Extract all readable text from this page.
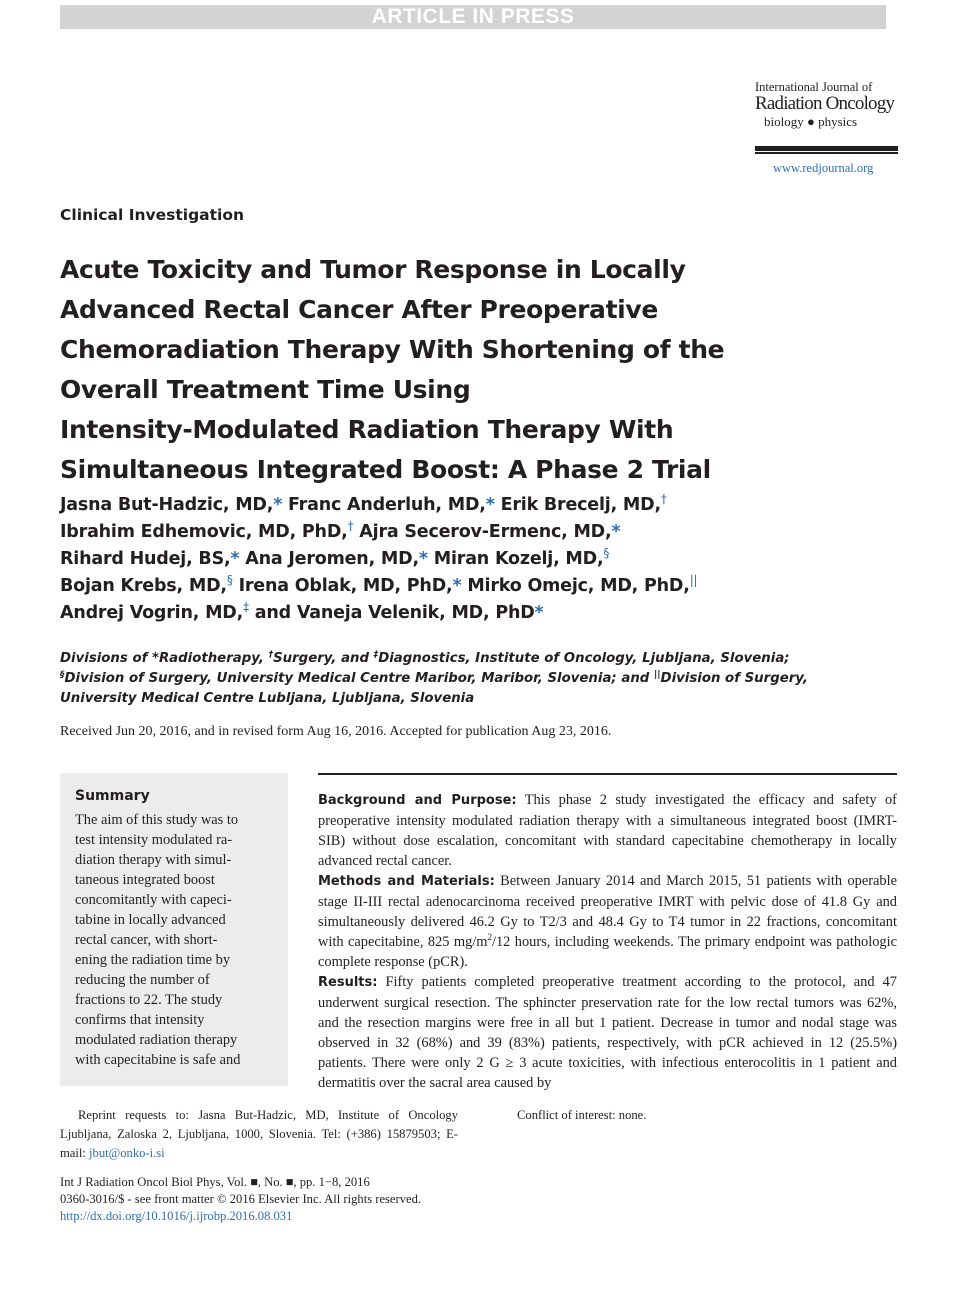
ARTICLE IN PRESS
International Journal of
Radiation Oncology
biology ● physics
www.redjournal.org
Clinical Investigation
Acute Toxicity and Tumor Response in Locally
Advanced Rectal Cancer After Preoperative
Chemoradiation Therapy With Shortening of the
Overall Treatment Time Using
Intensity-Modulated Radiation Therapy With
Simultaneous Integrated Boost: A Phase 2 Trial
Jasna But-Hadzic, MD,* Franc Anderluh, MD,* Erik Brecelj, MD,†
Ibrahim Edhemovic, MD, PhD,† Ajra Secerov-Ermenc, MD,*
Rihard Hudej, BS,* Ana Jeromen, MD,* Miran Kozelj, MD,§
Bojan Krebs, MD,§ Irena Oblak, MD, PhD,* Mirko Omejc, MD, PhD,||
Andrej Vogrin, MD,‡ and Vaneja Velenik, MD, PhD*
Divisions of *Radiotherapy, †Surgery, and ‡Diagnostics, Institute of Oncology, Ljubljana, Slovenia;
§Division of Surgery, University Medical Centre Maribor, Maribor, Slovenia; and ||Division of Surgery,
University Medical Centre Lubljana, Ljubljana, Slovenia
Received Jun 20, 2016, and in revised form Aug 16, 2016. Accepted for publication Aug 23, 2016.
Summary
The aim of this study was to
test intensity modulated ra-
diation therapy with simul-
taneous integrated boost
concomitantly with capeci-
tabine in locally advanced
rectal cancer, with short-
ening the radiation time by
reducing the number of
fractions to 22. The study
confirms that intensity
modulated radiation therapy
with capecitabine is safe and

Background and Purpose: This phase 2 study investigated the efficacy and safety of preoperative intensity modulated radiation therapy with a simultaneous integrated boost (IMRT-SIB) without dose escalation, concomitant with standard capecitabine chemotherapy in locally advanced rectal cancer.

Methods and Materials: Between January 2014 and March 2015, 51 patients with operable stage II-III rectal adenocarcinoma received preoperative IMRT with pelvic dose of 41.8 Gy and simultaneously delivered 46.2 Gy to T2/3 and 48.4 Gy to T4 tumor in 22 fractions, concomitant with capecitabine, 825 $mg/m^2/12$ hours, including weekends. The primary endpoint was pathologic complete response (pCR).

Results: Fifty patients completed preoperative treatment according to the protocol, and 47 underwent surgical resection. The sphincter preservation rate for the low rectal tumors was 62%, and the resection margins were free in all but 1 patient. Decrease in tumor and nodal stage was observed in 32 (68%) and 39 (83%) patients, respectively, with pCR achieved in 12 (25.5%) patients. There were only 2 G ≥ 3 acute toxicities, with infectious enterocolitis in 1 patient and dermatitis over the sacral area caused by

Reprint requests to: Jasna But-Hadzic, MD, Institute of Oncology Ljubljana, Zaloska 2, Ljubljana, 1000, Slovenia. Tel: (+386) 15879503; E-mail: jbut@onko-i.si
Conflict of interest: none.
Int J Radiation Oncol Biol Phys, Vol. ■, No. ■, pp. 1−8, 2016
0360-3016/$ - see front matter © 2016 Elsevier Inc. All rights reserved.
http://dx.doi.org/10.1016/j.ijrobp.2016.08.031
